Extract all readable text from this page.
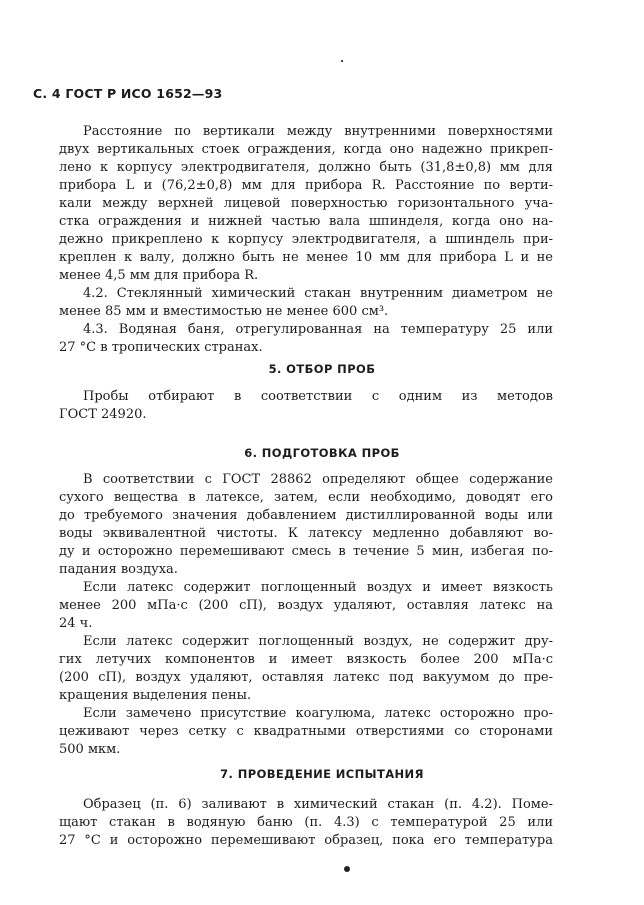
С. 4 ГОСТ Р ИСО 1652—93
Расстояние по вертикали между внутренними поверхностями
двух вертикальных стоек ограждения, когда оно надежно прикреп-
лено к корпусу электродвигателя, должно быть (31,8±0,8) мм для
прибора L и (76,2±0,8) мм для прибора R. Расстояние по верти-
кали между верхней лицевой поверхностью горизонтального уча-
стка ограждения и нижней частью вала шпинделя, когда оно на-
дежно прикреплено к корпусу электродвигателя, а шпиндель при-
креплен к валу, должно быть не менее 10 мм для прибора L и не
менее 4,5 мм для прибора R.
4.2. Стеклянный химический стакан внутренним диаметром не
менее 85 мм и вместимостью не менее 600 см³.
4.3. Водяная баня, отрегулированная на температуру 25 или
27 °С в тропических странах.
5. ОТБОР ПРОБ
Пробы отбирают в соответствии с одним из методов
ГОСТ 24920.
6. ПОДГОТОВКА ПРОБ
В соответствии с ГОСТ 28862 определяют общее содержание
сухого вещества в латексе, затем, если необходимо, доводят его
до требуемого значения добавлением дистиллированной воды или
воды эквивалентной чистоты. К латексу медленно добавляют во-
ду и осторожно перемешивают смесь в течение 5 мин, избегая по-
падания воздуха.
Если латекс содержит поглощенный воздух и имеет вязкость
менее 200 мПа·с (200 сП), воздух удаляют, оставляя латекс на
24 ч.
Если латекс содержит поглощенный воздух, не содержит дру-
гих летучих компонентов и имеет вязкость более 200 мПа·с
(200 сП), воздух удаляют, оставляя латекс под вакуумом до пре-
кращения выделения пены.
Если замечено присутствие коагулюма, латекс осторожно про-
цеживают через сетку с квадратными отверстиями со сторонами
500 мкм.
7. ПРОВЕДЕНИЕ ИСПЫТАНИЯ
Образец (п. 6) заливают в химический стакан (п. 4.2). Поме-
щают стакан в водяную баню (п. 4.3) с температурой 25 или
27 °С и осторожно перемешивают образец, пока его температура
